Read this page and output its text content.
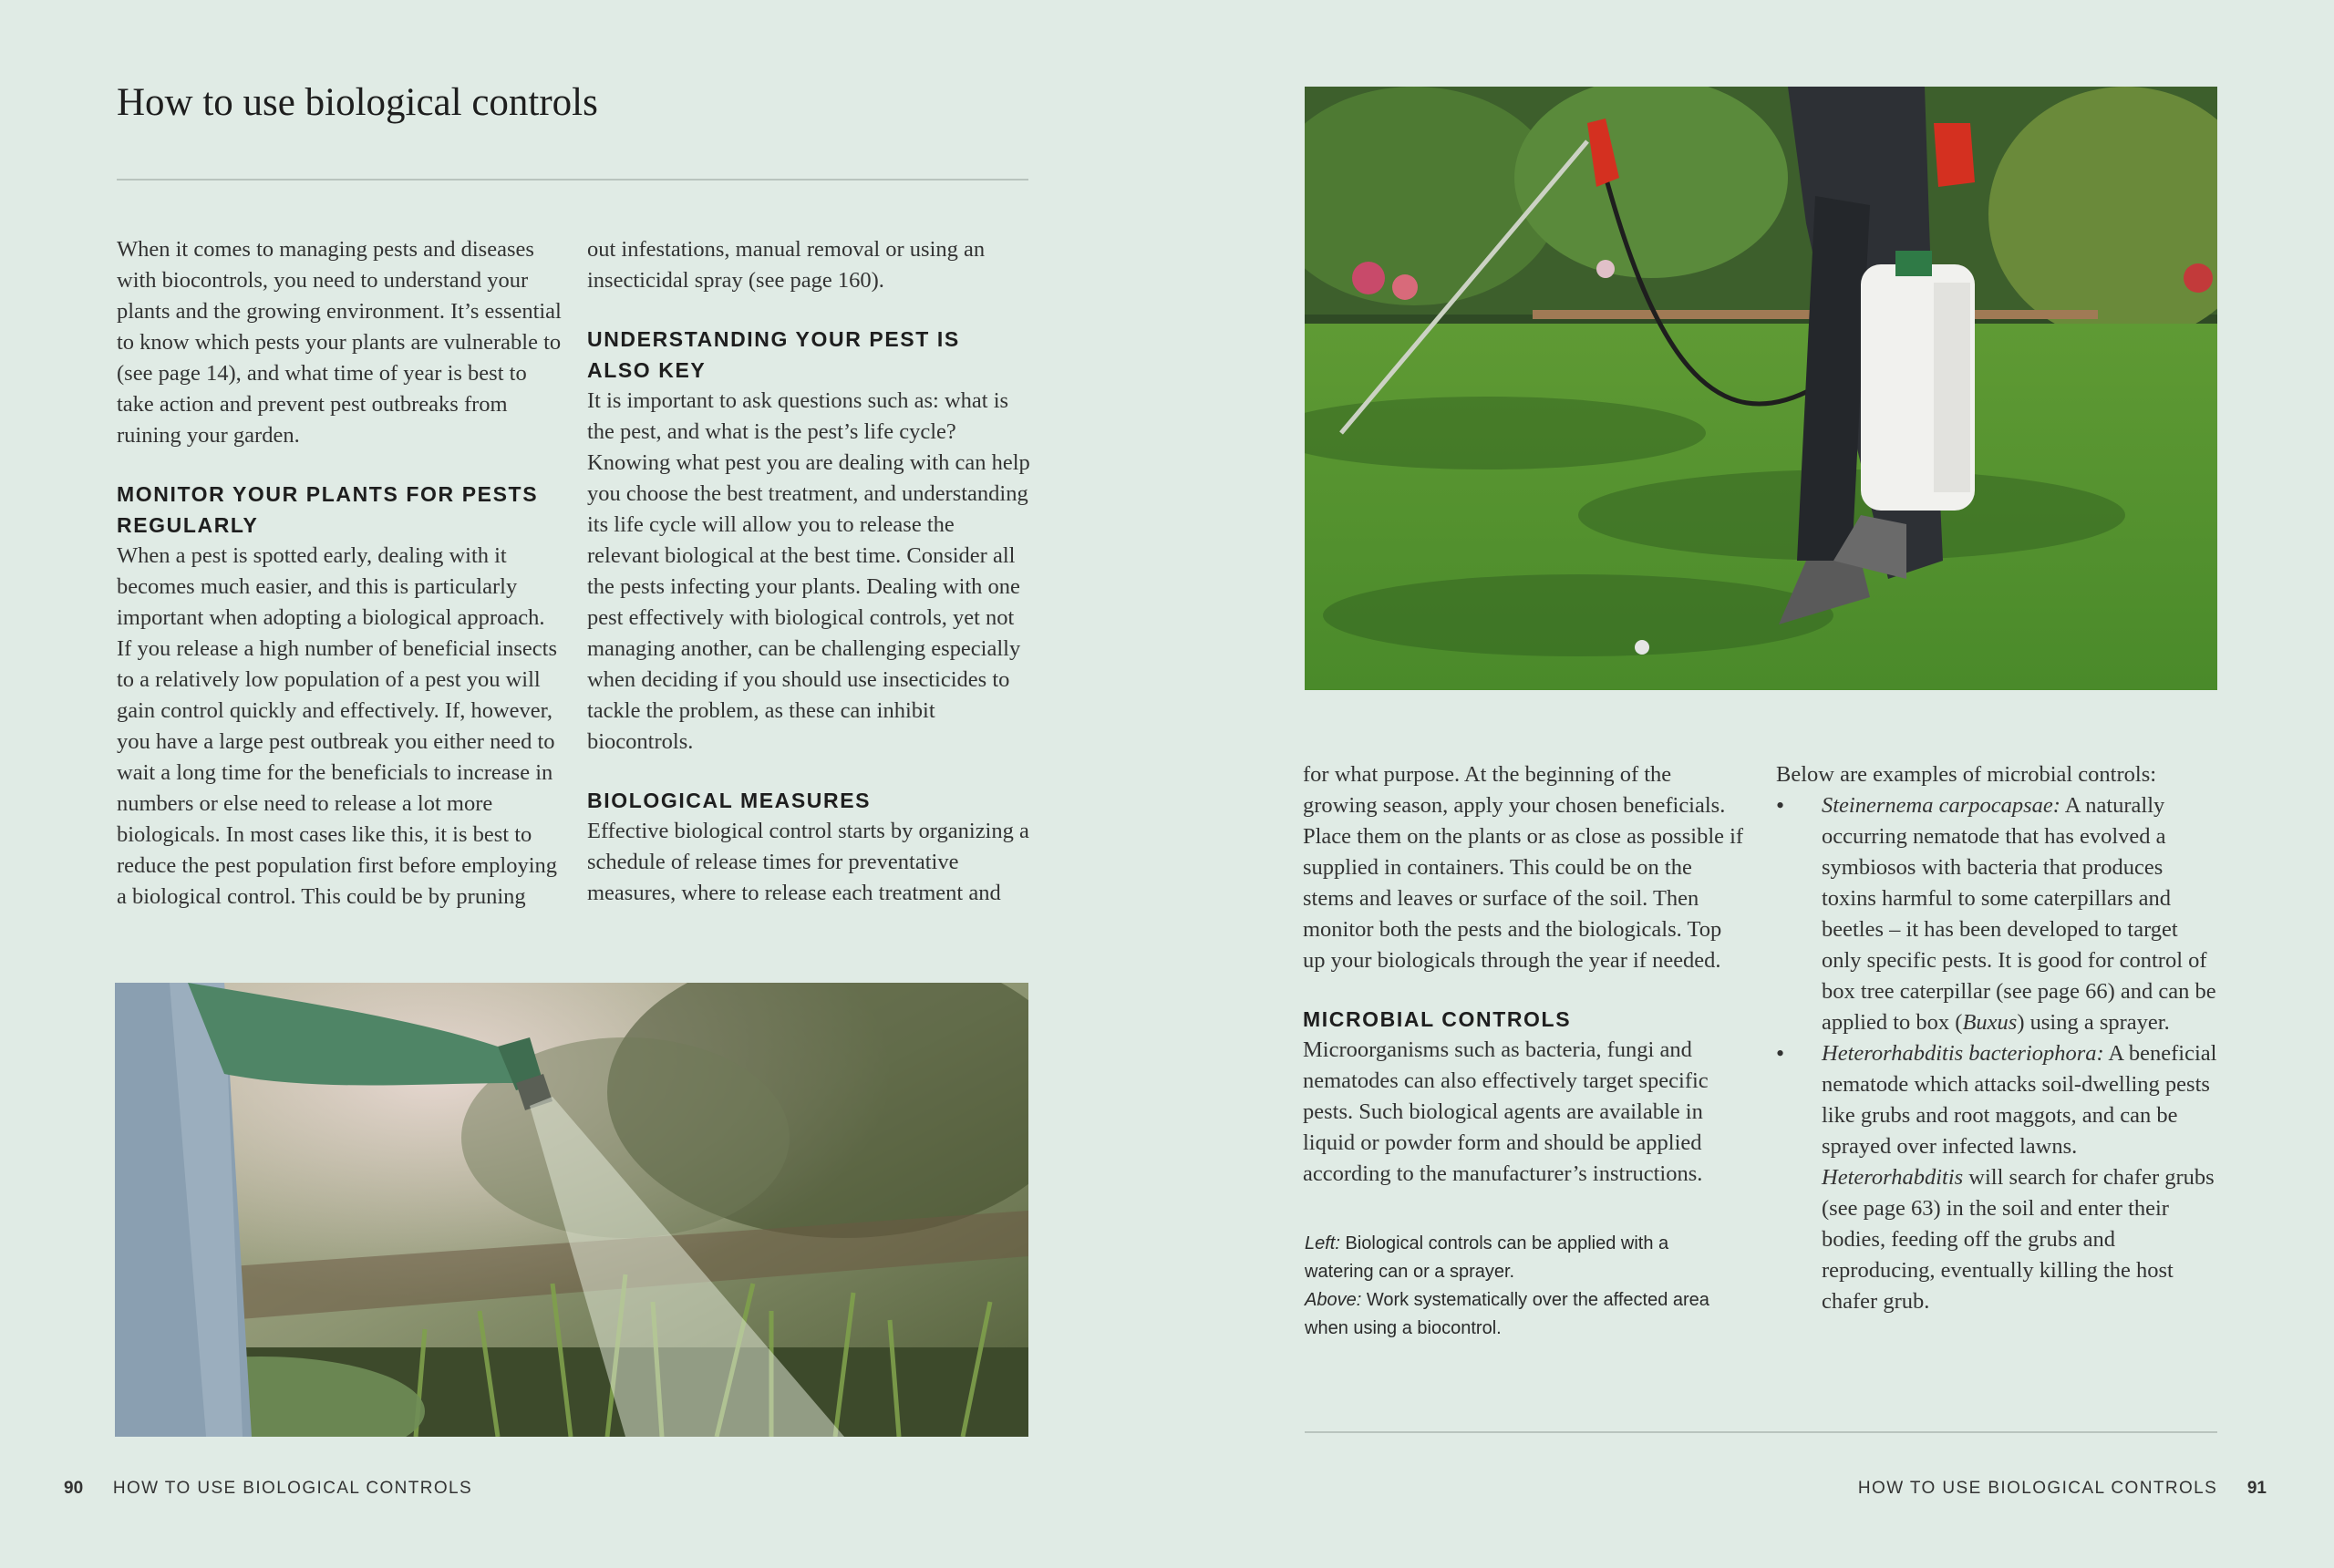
How to use biological controls

When it comes to managing pests and diseases with biocontrols, you need to understand your plants and the growing environment. It’s essential to know which pests your plants are vulnerable to (see page 14), and what time of year is best to take action and prevent pest outbreaks from ruining your garden.

MONITOR YOUR PLANTS FOR PESTS REGULARLY

When a pest is spotted early, dealing with it becomes much easier, and this is particularly important when adopting a biological approach. If you release a high number of beneficial insects to a relatively low population of a pest you will gain control quickly and effectively. If, however, you have a large pest outbreak you either need to wait a long time for the beneficials to increase in numbers or else need to release a lot more biologicals. In most cases like this, it is best to reduce the pest population first before employing a biological control. This could be by pruning

out infestations, manual removal or using an insecticidal spray (see page 160).

UNDERSTANDING YOUR PEST IS ALSO KEY

It is important to ask questions such as: what is the pest, and what is the pest’s life cycle? Knowing what pest you are dealing with can help you choose the best treatment, and understanding its life cycle will allow you to release the relevant biological at the best time. Consider all the pests infecting your plants. Dealing with one pest effectively with biological controls, yet not managing another, can be challenging especially when deciding if you should use insecticides to tackle the problem, as these can inhibit biocontrols.

BIOLOGICAL MEASURES

Effective biological control starts by organizing a schedule of release times for preventative measures, where to release each treatment and

90 HOW TO USE BIOLOGICAL CONTROLS

for what purpose. At the beginning of the growing season, apply your chosen beneficials. Place them on the plants or as close as possible if supplied in containers. This could be on the stems and leaves or surface of the soil. Then monitor both the pests and the biologicals. Top up your biologicals through the year if needed.

MICROBIAL CONTROLS

Microorganisms such as bacteria, fungi and nematodes can also effectively target specific pests. Such biological agents are available in liquid or powder form and should be applied according to the manufacturer’s instructions.

Left: Biological controls can be applied with a watering can or a sprayer.

Above: Work systematically over the affected area when using a biocontrol.

Below are examples of microbial controls:

• Steinernema carpocapsae: A naturally occurring nematode that has evolved a symbiosos with bacteria that produces toxins harmful to some caterpillars and beetles – it has been developed to target only specific pests. It is good for control of box tree caterpillar (see page 66) and can be applied to box (Buxus) using a sprayer.
• Heterorhabditis bacteriophora: A beneficial nematode which attacks soil-dwelling pests like grubs and root maggots, and can be sprayed over infected lawns. Heterorhabditis will search for chafer grubs (see page 63) in the soil and enter their bodies, feeding off the grubs and reproducing, eventually killing the host chafer grub.
HOW TO USE BIOLOGICAL CONTROLS 91
